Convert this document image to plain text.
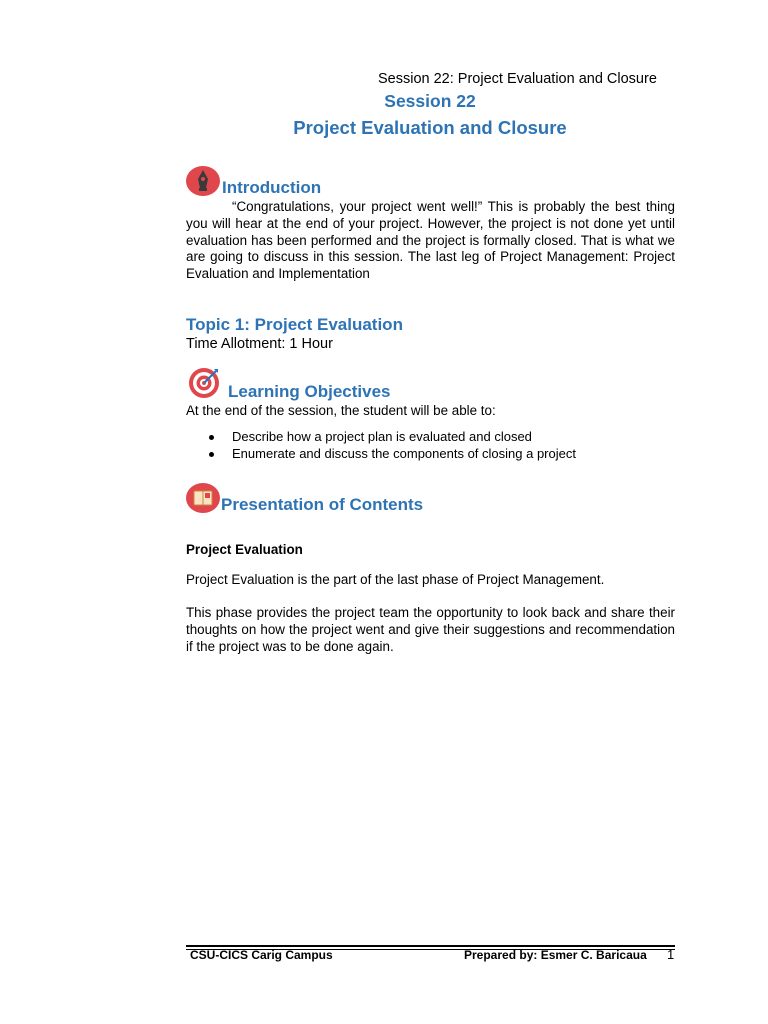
Session 22: Project Evaluation and Closure
Session 22
Project Evaluation and Closure
Introduction

“Congratulations, your project went well!” This is probably the best thing you will hear at the end of your project. However, the project is not done yet until evaluation has been performed and the project is formally closed. That is what we are going to discuss in this session. The last leg of Project Management: Project Evaluation and Implementation

Topic 1: Project Evaluation
Time Allotment: 1 Hour
Learning Objectives
At the end of the session, the student will be able to:
Describe how a project plan is evaluated and closed
Enumerate and discuss the components of closing a project
Presentation of Contents
Project Evaluation

Project Evaluation is the part of the last phase of Project Management.

This phase provides the project team the opportunity to look back and share their thoughts on how the project went and give their suggestions and recommendation if the project was to be done again.

CSU-CICS Carig Campus	Prepared by: Esmer C. Baricaua 1
